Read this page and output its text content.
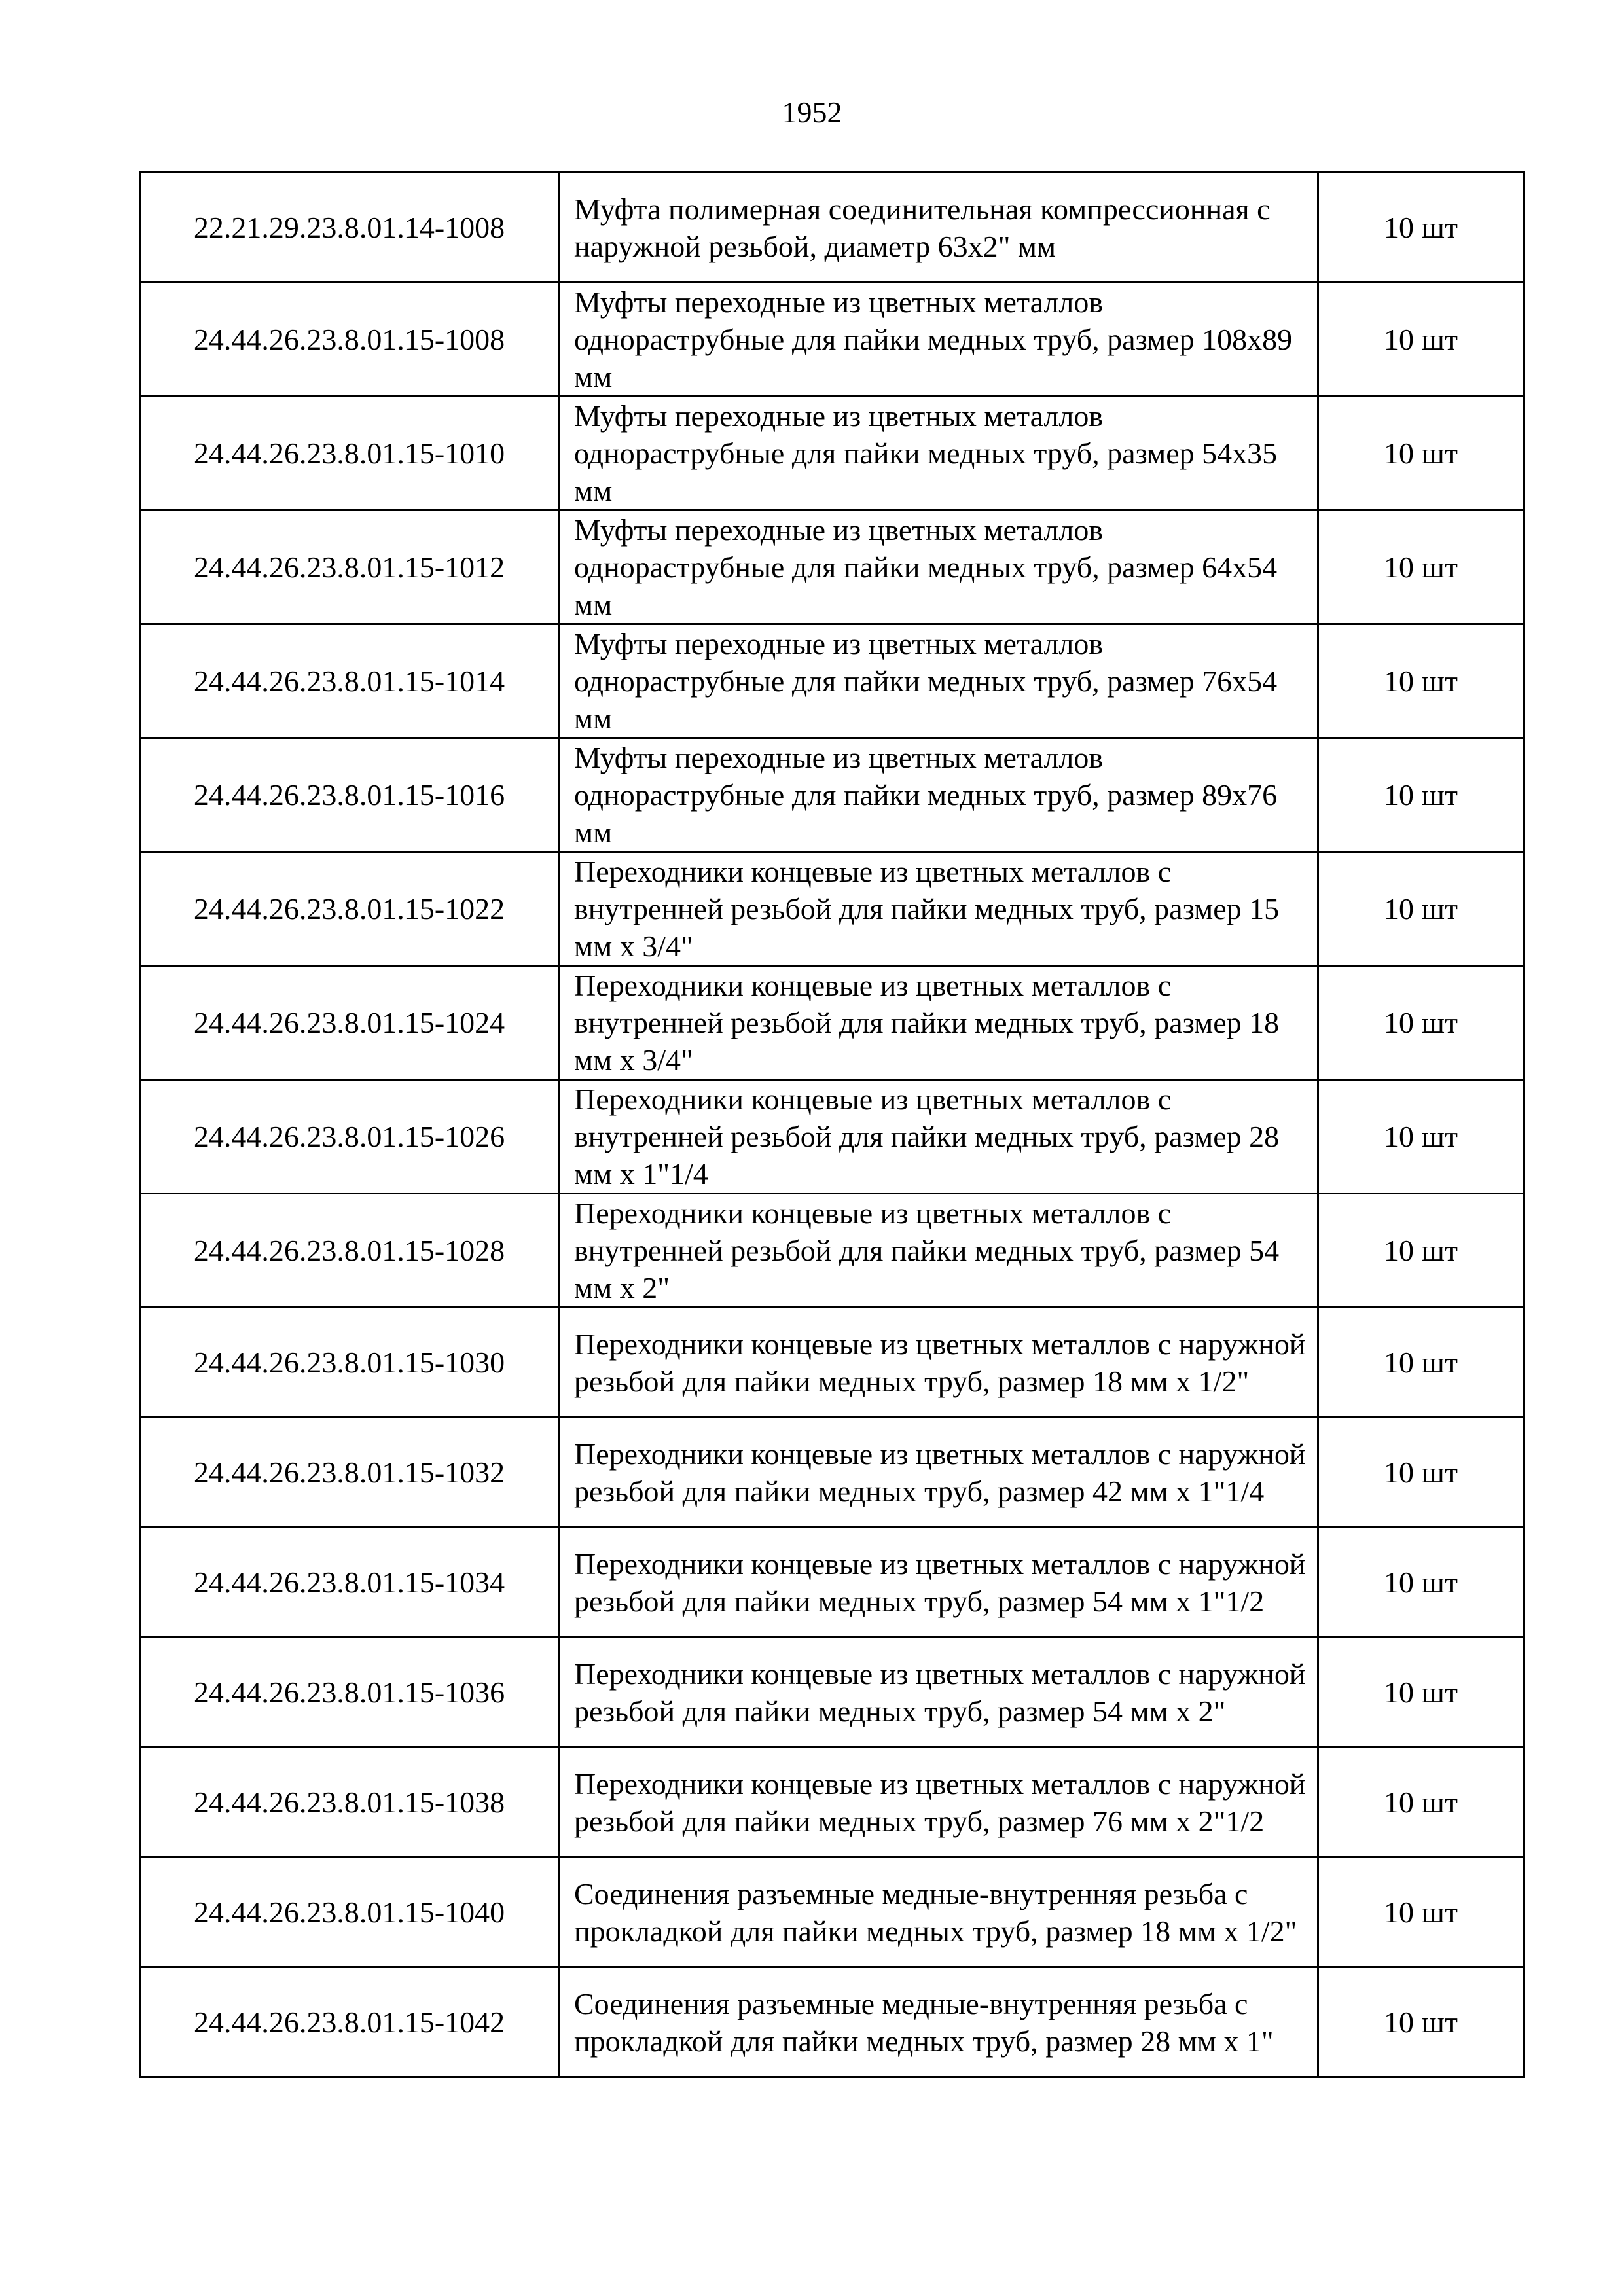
1952
22.21.29.23.8.01.14-1008	Муфта полимерная соединительная компрессионная с наружной резьбой, диаметр 63х2" мм	10 шт
24.44.26.23.8.01.15-1008	Муфты переходные из цветных металлов однораструбные для пайки медных труб, размер 108х89 мм	10 шт
24.44.26.23.8.01.15-1010	Муфты переходные из цветных металлов однораструбные для пайки медных труб, размер 54х35 мм	10 шт
24.44.26.23.8.01.15-1012	Муфты переходные из цветных металлов однораструбные для пайки медных труб, размер 64х54 мм	10 шт
24.44.26.23.8.01.15-1014	Муфты переходные из цветных металлов однораструбные для пайки медных труб, размер 76х54 мм	10 шт
24.44.26.23.8.01.15-1016	Муфты переходные из цветных металлов однораструбные для пайки медных труб, размер 89х76 мм	10 шт
24.44.26.23.8.01.15-1022	Переходники концевые из цветных металлов с внутренней резьбой для пайки медных труб, размер 15 мм х 3/4"	10 шт
24.44.26.23.8.01.15-1024	Переходники концевые из цветных металлов с внутренней резьбой для пайки медных труб, размер 18 мм х 3/4"	10 шт
24.44.26.23.8.01.15-1026	Переходники концевые из цветных металлов с внутренней резьбой для пайки медных труб, размер 28 мм х 1"1/4	10 шт
24.44.26.23.8.01.15-1028	Переходники концевые из цветных металлов с внутренней резьбой для пайки медных труб, размер 54 мм х 2"	10 шт
24.44.26.23.8.01.15-1030	Переходники концевые из цветных металлов с наружной резьбой для пайки медных труб, размер 18 мм х 1/2"	10 шт
24.44.26.23.8.01.15-1032	Переходники концевые из цветных металлов с наружной резьбой для пайки медных труб, размер 42 мм х 1"1/4	10 шт
24.44.26.23.8.01.15-1034	Переходники концевые из цветных металлов с наружной резьбой для пайки медных труб, размер 54 мм х 1"1/2	10 шт
24.44.26.23.8.01.15-1036	Переходники концевые из цветных металлов с наружной резьбой для пайки медных труб, размер 54 мм х 2"	10 шт
24.44.26.23.8.01.15-1038	Переходники концевые из цветных металлов с наружной резьбой для пайки медных труб, размер 76 мм х 2"1/2	10 шт
24.44.26.23.8.01.15-1040	Соединения разъемные медные-внутренняя резьба с прокладкой для пайки медных труб, размер 18 мм х 1/2"	10 шт
24.44.26.23.8.01.15-1042	Соединения разъемные медные-внутренняя резьба с прокладкой для пайки медных труб, размер 28 мм х 1"	10 шт
